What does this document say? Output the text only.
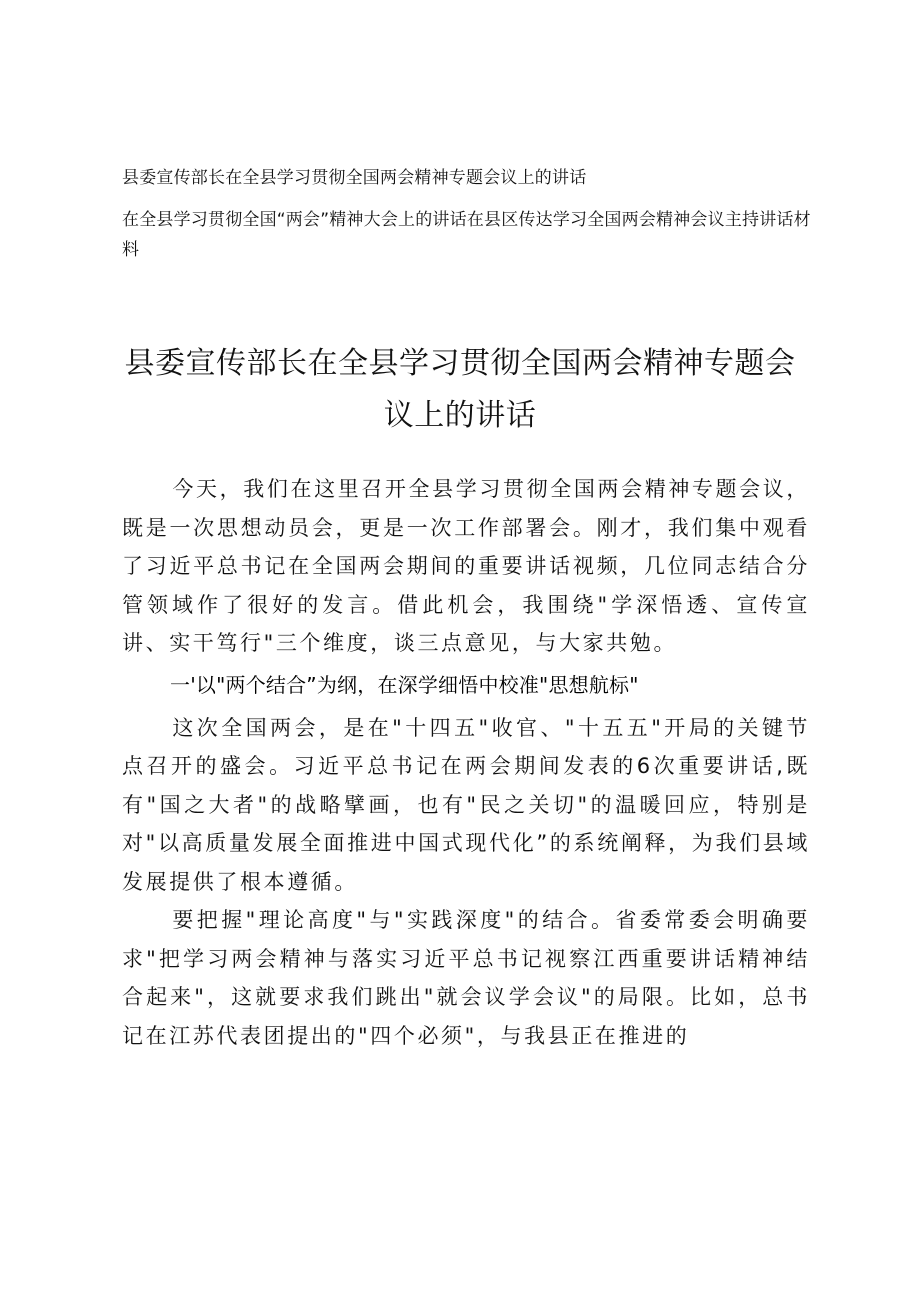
县委宣传部长在全县学习贯彻全国两会精神专题会议上的讲话
在全县学习贯彻全国“两会”精神大会上的讲话在县区传达学习全国两会精神会议主持讲话材料
县委宣传部长在全县学习贯彻全国两会精神专题会议上的讲话

今天，我们在这里召开全县学习贯彻全国两会精神专题会议，既是一次思想动员会，更是一次工作部署会。刚才，我们集中观看了习近平总书记在全国两会期间的重要讲话视频，几位同志结合分管领域作了很好的发言。借此机会，我围绕"学深悟透、宣传宣讲、实干笃行"三个维度，谈三点意见，与大家共勉。

一'以"两个结合”为纲，在深学细悟中校准"思想航标"

这次全国两会，是在"十四五"收官、"十五五"开局的关键节点召开的盛会。习近平总书记在两会期间发表的6次重要讲话,既有"国之大者"的战略擘画，也有"民之关切"的温暖回应，特别是对"以高质量发展全面推进中国式现代化”的系统阐释，为我们县域发展提供了根本遵循。

要把握"理论高度"与"实践深度"的结合。省委常委会明确要求"把学习两会精神与落实习近平总书记视察江西重要讲话精神结合起来"，这就要求我们跳出"就会议学会议"的局限。比如，总书记在江苏代表团提出的"四个必须"，与我县正在推进的
